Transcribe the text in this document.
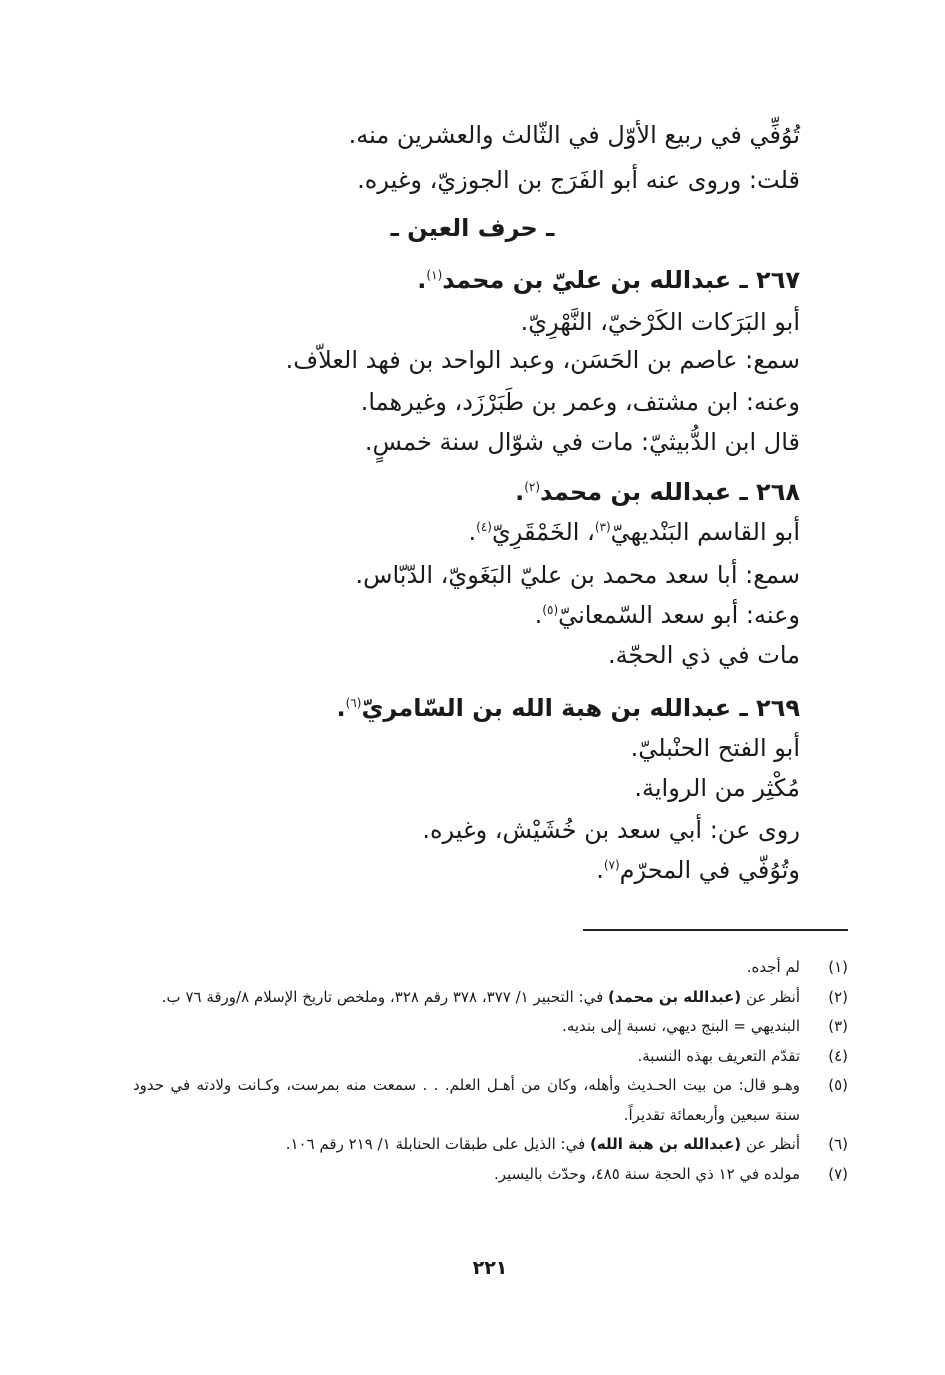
تُوُفِّي في ربيع الأوّل في الثّالث والعشرين منه.
قلت: وروى عنه أبو الفَرَج بن الجوزيّ، وغيره.
ـ حرف العين ـ
٢٦٧ ـ عبدالله بن عليّ بن محمد$^{(١)}$.
أبو البَرَكات الكَرْخيّ، النَّهْرِيّ.
سمع: عاصم بن الحَسَن، وعبد الواحد بن فهد العلاّف.
وعنه: ابن مشتف، وعمر بن طَبَرْزَد، وغيرهما.
قال ابن الدُّبيثيّ: مات في شوّال سنة خمسٍ.
٢٦٨ ـ عبدالله بن محمد$^{(٢)}$.
أبو القاسم البَنْديهيّ$^{(٣)}$، الخَمْقَرِيّ$^{(٤)}$.
سمع: أبا سعد محمد بن عليّ البَغَويّ، الدّبّاس.
وعنه: أبو سعد السّمعانيّ$^{(٥)}$.
مات في ذي الحجّة.
٢٦٩ ـ عبدالله بن هبة الله بن السّامريّ$^{(٦)}$.
أبو الفتح الحنْبليّ.
مُكْثِر من الرواية.
روى عن: أبي سعد بن خُشَيْش، وغيره.
وتُوُفّي في المحرّم$^{(٧)}$.
(١)
لم أجده.
(٢)
أنظر عن (عبدالله بن محمد) في: التحبير ١/ ٣٧٧، ٣٧٨ رقم ٣٢٨، وملخص تاريخ الإسلام ٨/ورقة ٧٦ ب.
(٣)
البنديهي = البنج ديهي، نسبة إلى بنديه.
(٤)
تقدّم التعريف بهذه النسبة.
(٥)
وهـو قال: من بيت الحـديث وأهله، وكان من أهـل العلم. . . سمعت منه بمرست، وكـانت ولادته في حدود سنة سبعين وأربعمائة تقديراً.
(٦)
أنظر عن (عبدالله بن هبة الله) في: الذيل على طبقات الحنابلة ١/ ٢١٩ رقم ١٠٦.
(٧)
مولده في ١٢ ذي الحجة سنة ٤٨٥، وحدّث باليسير.
٢٢١
